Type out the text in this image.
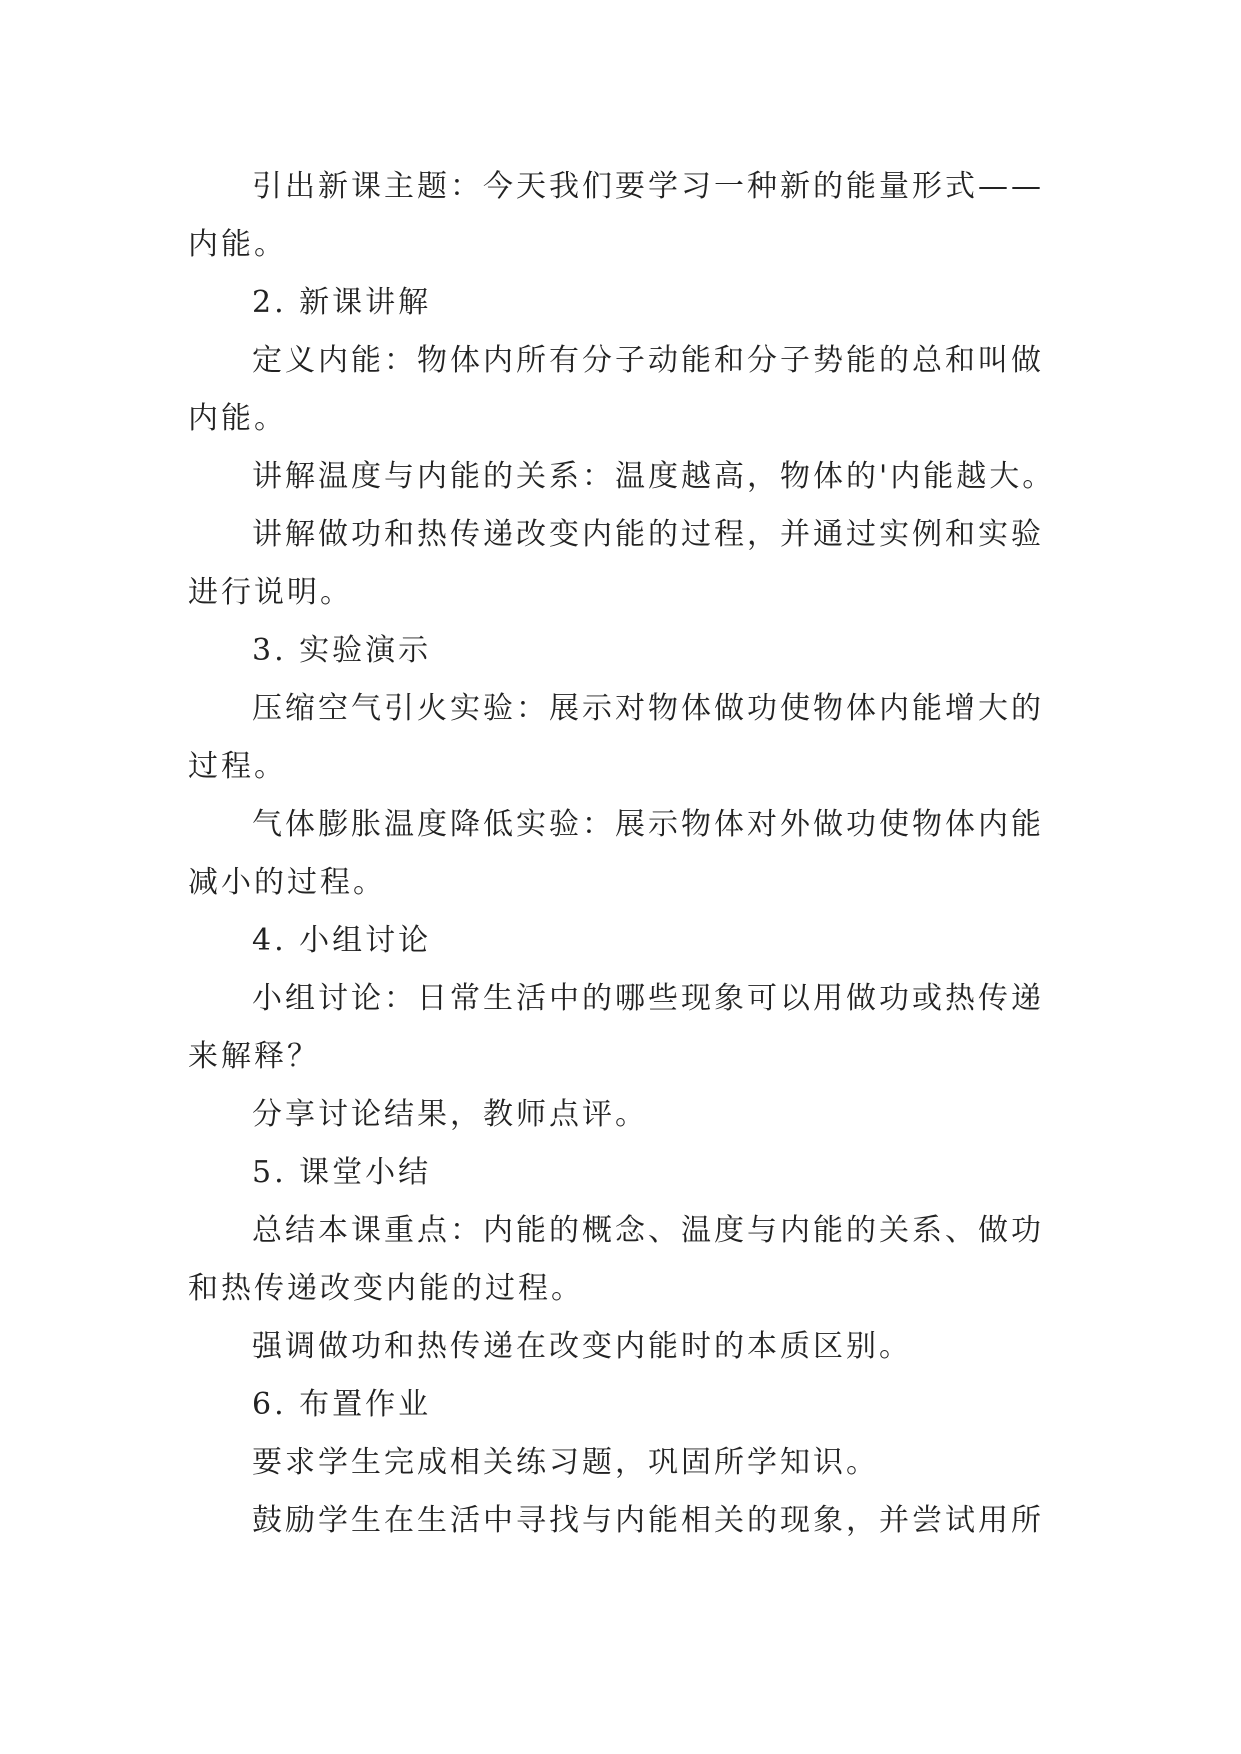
引出新课主题：今天我们要学习一种新的能量形式——内能。

2. 新课讲解

定义内能：物体内所有分子动能和分子势能的总和叫做内能。

讲解温度与内能的关系：温度越高，物体的'内能越大。

讲解做功和热传递改变内能的过程，并通过实例和实验进行说明。

3. 实验演示

压缩空气引火实验：展示对物体做功使物体内能增大的过程。

气体膨胀温度降低实验：展示物体对外做功使物体内能减小的过程。

4. 小组讨论

小组讨论：日常生活中的哪些现象可以用做功或热传递来解释？

分享讨论结果，教师点评。

5. 课堂小结

总结本课重点：内能的概念、温度与内能的关系、做功和热传递改变内能的过程。

强调做功和热传递在改变内能时的本质区别。

6. 布置作业

要求学生完成相关练习题，巩固所学知识。

鼓励学生在生活中寻找与内能相关的现象，并尝试用所
